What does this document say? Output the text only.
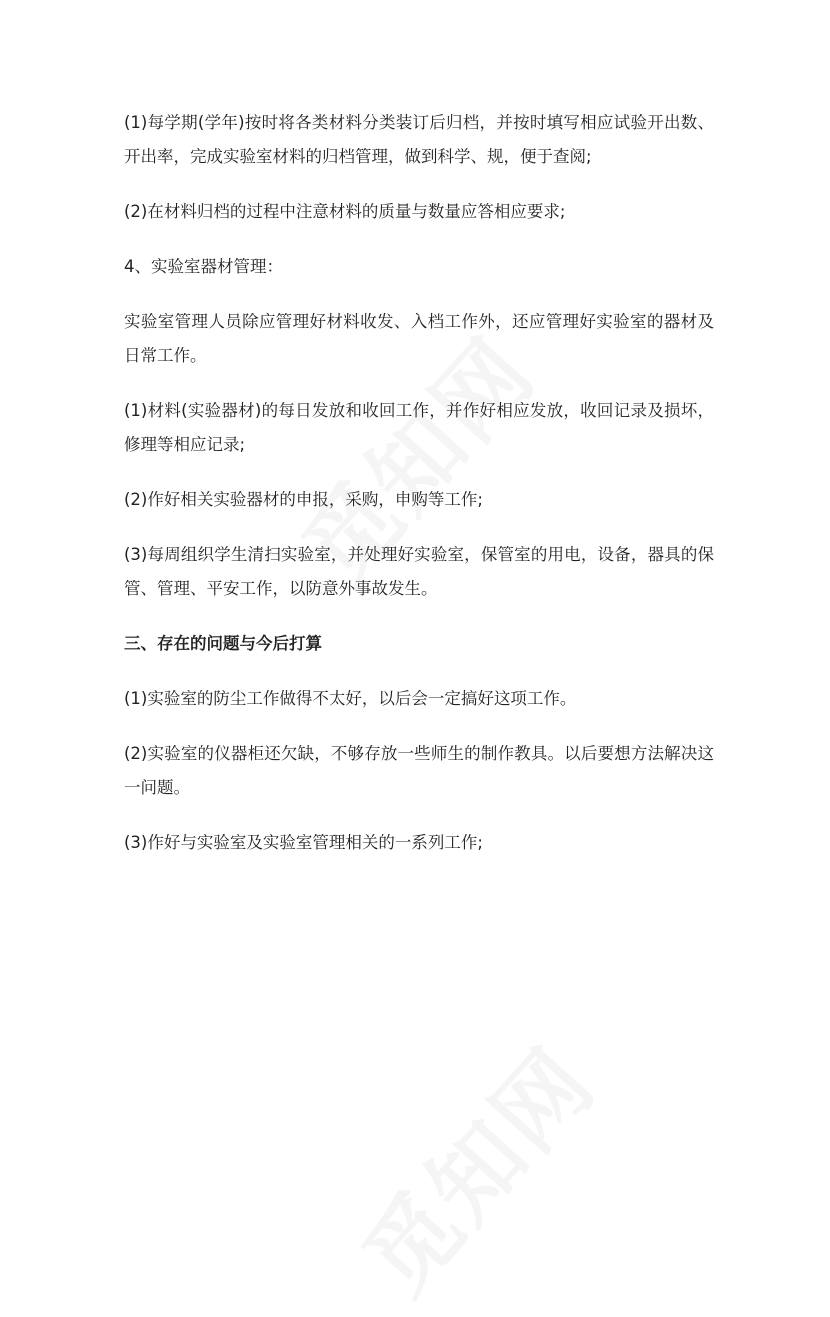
(1)每学期(学年)按时将各类材料分类装订后归档，并按时填写相应试验开出数、开出率，完成实验室材料的归档管理，做到科学、规，便于查阅;

(2)在材料归档的过程中注意材料的质量与数量应答相应要求;

4、实验室器材管理：

实验室管理人员除应管理好材料收发、入档工作外，还应管理好实验室的器材及日常工作。

(1)材料(实验器材)的每日发放和收回工作，并作好相应发放，收回记录及损坏，修理等相应记录;

(2)作好相关实验器材的申报，采购，申购等工作;

(3)每周组织学生清扫实验室，并处理好实验室，保管室的用电，设备，器具的保管、管理、平安工作，以防意外事故发生。

三、存在的问题与今后打算

(1)实验室的防尘工作做得不太好，以后会一定搞好这项工作。

(2)实验室的仪器柜还欠缺，不够存放一些师生的制作教具。以后要想方法解决这一问题。

(3)作好与实验室及实验室管理相关的一系列工作;
